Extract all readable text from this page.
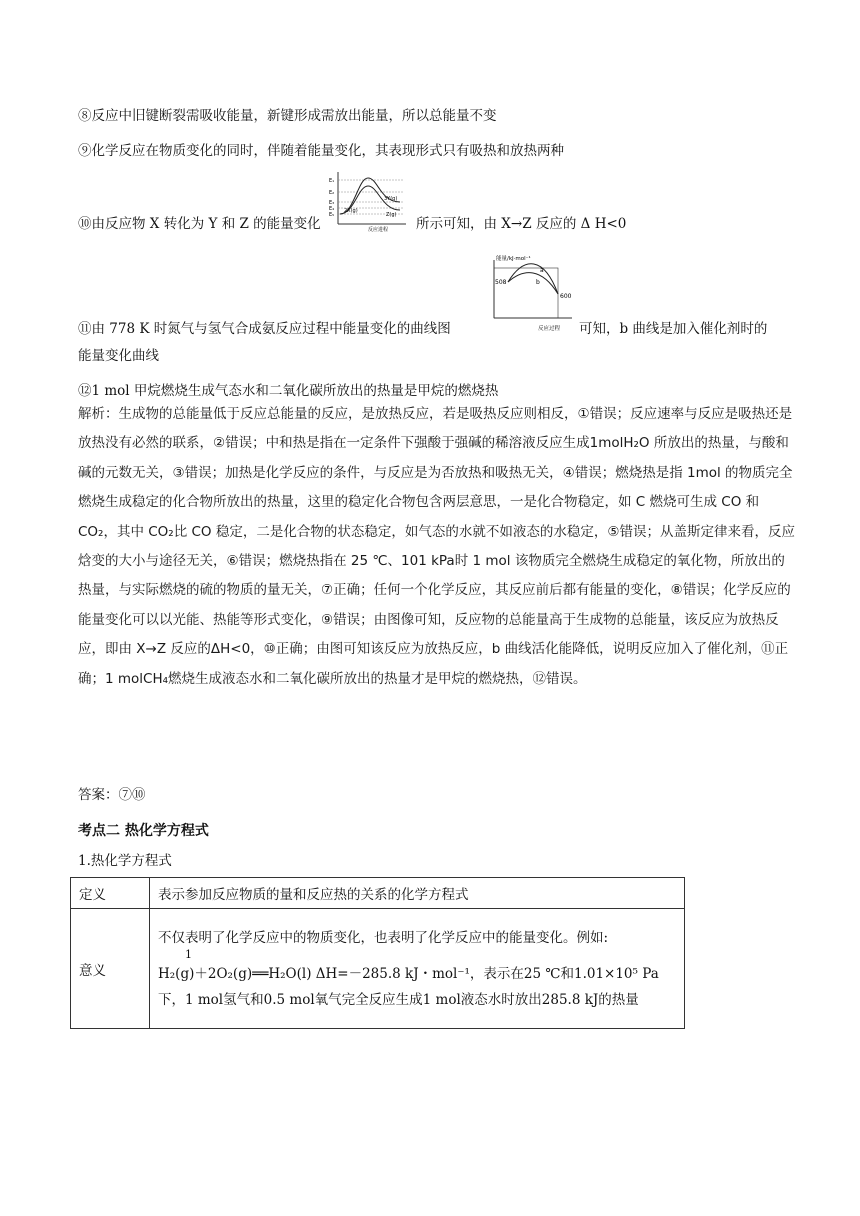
⑧反应中旧键断裂需吸收能量，新键形成需放出能量，所以总能量不变
⑨化学反应在物质变化的同时，伴随着能量变化，其表现形式只有吸热和放热两种
⑩由反应物 X 转化为 Y 和 Z 的能量变化
E₁
E₂
E₃
E₄
E₅
3Y(g)
2X(g)
Z(g)
反应进程 所示可知，由 X→Z 反应的 Δ H<0
⑪由 778 K 时氮气与氢气合成氨反应过程中能量变化的曲线图
能量/kJ·mol⁻¹
508
600
a
b
反应过程 可知，b 曲线是加入催化剂时的
能量变化曲线
⑫1 mol 甲烷燃烧生成气态水和二氧化碳所放出的热量是甲烷的燃烧热
解析：生成物的总能量低于反应总能量的反应，是放热反应，若是吸热反应则相反，①错误；反应速率与反应是吸热还是放热没有必然的联系，②错误；中和热是指在一定条件下强酸于强碱的稀溶液反应生成1molH₂O 所放出的热量，与酸和碱的元数无关，③错误；加热是化学反应的条件，与反应是为否放热和吸热无关，④错误；燃烧热是指 1mol 的物质完全燃烧生成稳定的化合物所放出的热量，这里的稳定化合物包含两层意思，一是化合物稳定，如 C 燃烧可生成 CO 和 CO₂，其中 CO₂比 CO 稳定，二是化合物的状态稳定，如气态的水就不如液态的水稳定，⑤错误；从盖斯定律来看，反应焓变的大小与途径无关，⑥错误；燃烧热指在 25 ℃、101 kPa时 1 mol 该物质完全燃烧生成稳定的氧化物，所放出的热量，与实际燃烧的硫的物质的量无关，⑦正确；任何一个化学反应，其反应前后都有能量的变化，⑧错误；化学反应的能量变化可以以光能、热能等形式变化，⑨错误；由图像可知，反应物的总能量高于生成物的总能量，该反应为放热反应，即由 X→Z 反应的ΔH<0，⑩正确；由图可知该反应为放热反应，b 曲线活化能降低，说明反应加入了催化剂，⑪正确；1 molCH₄燃烧生成液态水和二氧化碳所放出的热量才是甲烷的燃烧热，⑫错误。
答案：⑦⑩
考点二 热化学方程式
1.热化学方程式
定义	表示参加反应物质的量和反应热的关系的化学方程式
意义	不仅表明了化学反应中的物质变化，也表明了化学反应中的能量变化。例如:

1

H₂(g)＋2O₂(g)══H₂O(l) ΔH=－285.8 kJ・mol⁻¹，表示在25 ℃和1.01×10⁵ Pa

下，1 mol氢气和0.5 mol氧气完全反应生成1 mol液态水时放出285.8 kJ的热量
